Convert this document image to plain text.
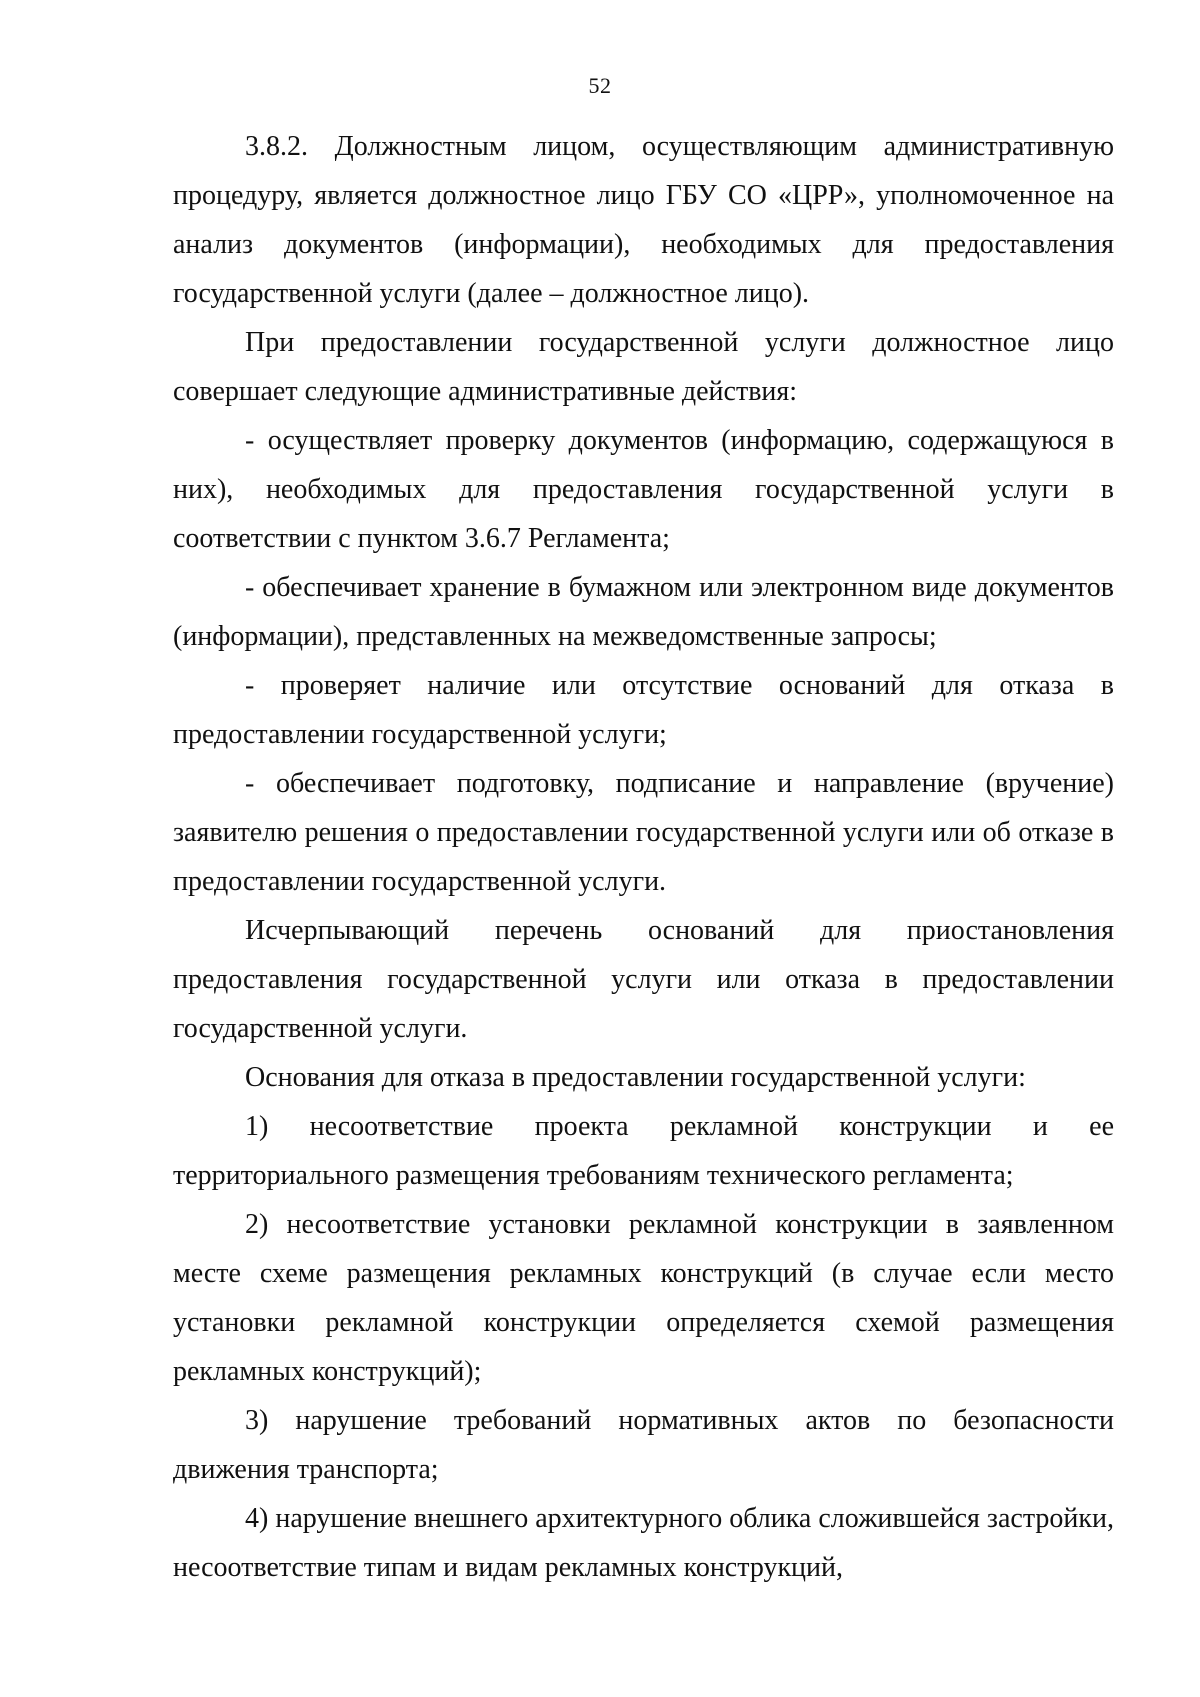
52

3.8.2. Должностным лицом, осуществляющим административную процедуру, является должностное лицо ГБУ СО «ЦРР», уполномоченное на анализ документов (информации), необходимых для предоставления государственной услуги (далее – должностное лицо).

При предоставлении государственной услуги должностное лицо совершает следующие административные действия:

- осуществляет проверку документов (информацию, содержащуюся в них), необходимых для предоставления государственной услуги в соответствии с пунктом 3.6.7 Регламента;

- обеспечивает хранение в бумажном или электронном виде документов (информации), представленных на межведомственные запросы;

- проверяет наличие или отсутствие оснований для отказа в предоставлении государственной услуги;

- обеспечивает подготовку, подписание и направление (вручение) заявителю решения о предоставлении государственной услуги или об отказе в предоставлении государственной услуги.

Исчерпывающий перечень оснований для приостановления предоставления государственной услуги или отказа в предоставлении государственной услуги.

Основания для отказа в предоставлении государственной услуги:

1) несоответствие проекта рекламной конструкции и ее территориального размещения требованиям технического регламента;

2) несоответствие установки рекламной конструкции в заявленном месте схеме размещения рекламных конструкций (в случае если место установки рекламной конструкции определяется схемой размещения рекламных конструкций);

3) нарушение требований нормативных актов по безопасности движения транспорта;

4) нарушение внешнего архитектурного облика сложившейся застройки, несоответствие типам и видам рекламных конструкций,
